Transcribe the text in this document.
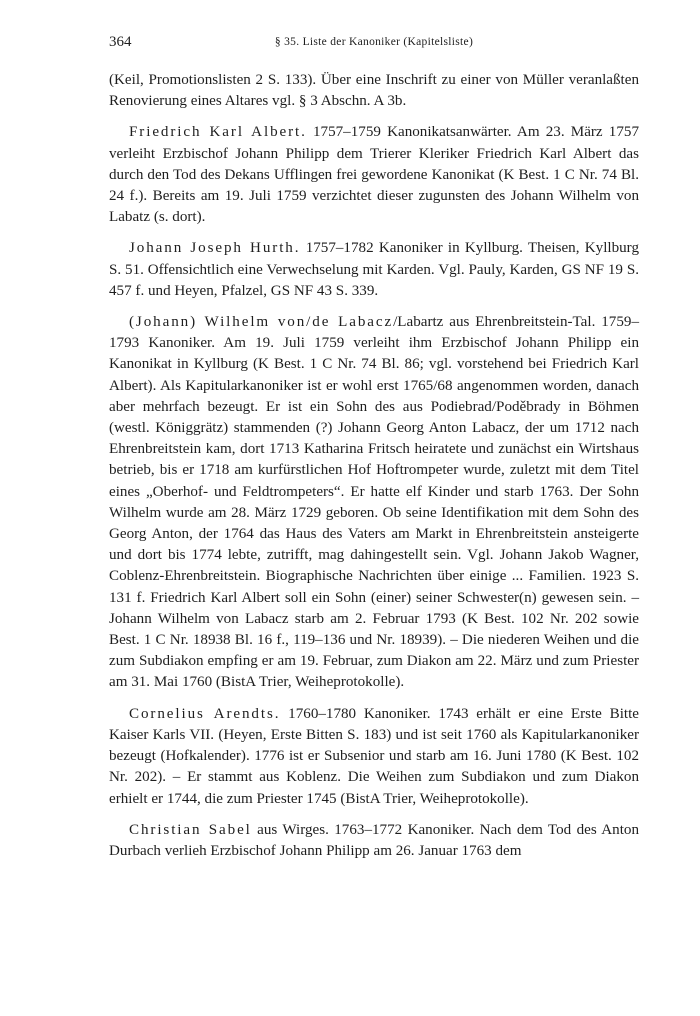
364	§ 35. Liste der Kanoniker (Kapitelsliste)

(Keil, Promotionslisten 2 S. 133). Über eine Inschrift zu einer von Müller veranlaßten Renovierung eines Altares vgl. § 3 Abschn. A 3b.

Friedrich Karl Albert. 1757–1759 Kanonikatsanwärter. Am 23. März 1757 verleiht Erzbischof Johann Philipp dem Trierer Kleriker Friedrich Karl Albert das durch den Tod des Dekans Ufflingen frei gewordene Kanonikat (K Best. 1 C Nr. 74 Bl. 24 f.). Bereits am 19. Juli 1759 verzichtet dieser zugunsten des Johann Wilhelm von Labatz (s. dort).

Johann Joseph Hurth. 1757–1782 Kanoniker in Kyllburg. Theisen, Kyllburg S. 51. Offensichtlich eine Verwechselung mit Karden. Vgl. Pauly, Karden, GS NF 19 S. 457 f. und Heyen, Pfalzel, GS NF 43 S. 339.

(Johann) Wilhelm von/de Labacz/Labartz aus Ehrenbreitstein-Tal. 1759–1793 Kanoniker. Am 19. Juli 1759 verleiht ihm Erzbischof Johann Philipp ein Kanonikat in Kyllburg (K Best. 1 C Nr. 74 Bl. 86; vgl. vorstehend bei Friedrich Karl Albert). Als Kapitularkanoniker ist er wohl erst 1765/68 angenommen worden, danach aber mehrfach bezeugt. Er ist ein Sohn des aus Podiebrad/Poděbrady in Böhmen (westl. Königgrätz) stammenden (?) Johann Georg Anton Labacz, der um 1712 nach Ehrenbreitstein kam, dort 1713 Katharina Fritsch heiratete und zunächst ein Wirtshaus betrieb, bis er 1718 am kurfürstlichen Hof Hoftrompeter wurde, zuletzt mit dem Titel eines „Oberhof- und Feldtrompeters“. Er hatte elf Kinder und starb 1763. Der Sohn Wilhelm wurde am 28. März 1729 geboren. Ob seine Identifikation mit dem Sohn des Georg Anton, der 1764 das Haus des Vaters am Markt in Ehrenbreitstein ansteigerte und dort bis 1774 lebte, zutrifft, mag dahingestellt sein. Vgl. Johann Jakob Wagner, Coblenz-Ehrenbreitstein. Biographische Nachrichten über einige ... Familien. 1923 S. 131 f. Friedrich Karl Albert soll ein Sohn (einer) seiner Schwester(n) gewesen sein. – Johann Wilhelm von Labacz starb am 2. Februar 1793 (K Best. 102 Nr. 202 sowie Best. 1 C Nr. 18938 Bl. 16 f., 119–136 und Nr. 18939). – Die niederen Weihen und die zum Subdiakon empfing er am 19. Februar, zum Diakon am 22. März und zum Priester am 31. Mai 1760 (BistA Trier, Weiheprotokolle).

Cornelius Arendts. 1760–1780 Kanoniker. 1743 erhält er eine Erste Bitte Kaiser Karls VII. (Heyen, Erste Bitten S. 183) und ist seit 1760 als Kapitularkanoniker bezeugt (Hofkalender). 1776 ist er Subsenior und starb am 16. Juni 1780 (K Best. 102 Nr. 202). – Er stammt aus Koblenz. Die Weihen zum Subdiakon und zum Diakon erhielt er 1744, die zum Priester 1745 (BistA Trier, Weiheprotokolle).

Christian Sabel aus Wirges. 1763–1772 Kanoniker. Nach dem Tod des Anton Durbach verlieh Erzbischof Johann Philipp am 26. Januar 1763 dem
